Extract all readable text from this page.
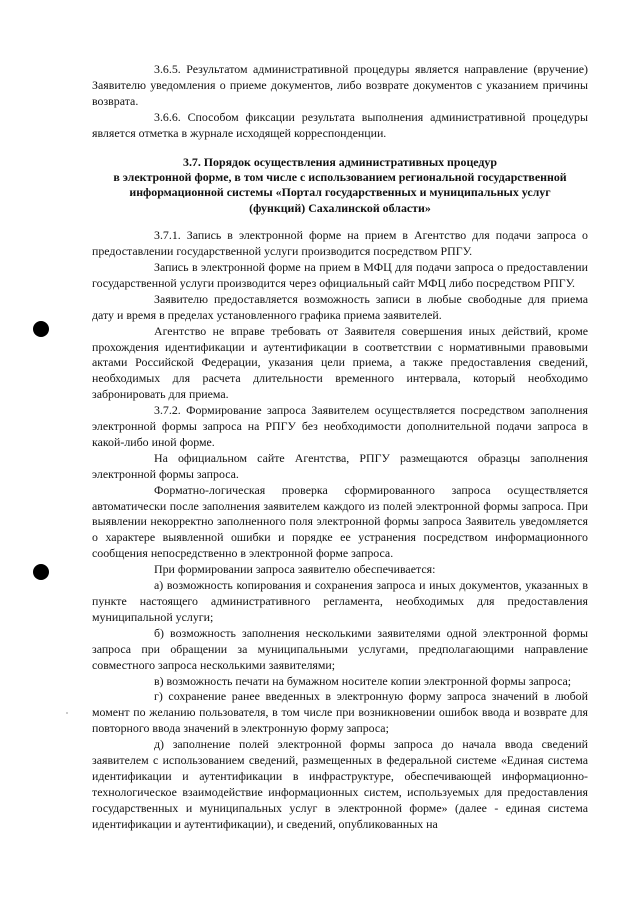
3.6.5. Результатом административной процедуры является направление (вручение) Заявителю уведомления о приеме документов, либо возврате документов с указанием причины возврата.

3.6.6. Способом фиксации результата выполнения административной процедуры является отметка в журнале исходящей корреспонденции.

3.7. Порядок осуществления административных процедур
в электронной форме, в том числе с использованием региональной государственной
информационной системы «Портал государственных и муниципальных услуг
(функций) Сахалинской области»

3.7.1. Запись в электронной форме на прием в Агентство для подачи запроса о предоставлении государственной услуги производится посредством РПГУ.

Запись в электронной форме на прием в МФЦ для подачи запроса о предоставлении государственной услуги производится через официальный сайт МФЦ либо посредством РПГУ.

Заявителю предоставляется возможность записи в любые свободные для приема дату и время в пределах установленного графика приема заявителей.

Агентство не вправе требовать от Заявителя совершения иных действий, кроме прохождения идентификации и аутентификации в соответствии с нормативными правовыми актами Российской Федерации, указания цели приема, а также предоставления сведений, необходимых для расчета длительности временного интервала, который необходимо забронировать для приема.

3.7.2. Формирование запроса Заявителем осуществляется посредством заполнения электронной формы запроса на РПГУ без необходимости дополнительной подачи запроса в какой-либо иной форме.

На официальном сайте Агентства, РПГУ размещаются образцы заполнения электронной формы запроса.

Форматно-логическая проверка сформированного запроса осуществляется автоматически после заполнения заявителем каждого из полей электронной формы запроса. При выявлении некорректно заполненного поля электронной формы запроса Заявитель уведомляется о характере выявленной ошибки и порядке ее устранения посредством информационного сообщения непосредственно в электронной форме запроса.

При формировании запроса заявителю обеспечивается:

а) возможность копирования и сохранения запроса и иных документов, указанных в пункте настоящего административного регламента, необходимых для предоставления муниципальной услуги;

б) возможность заполнения несколькими заявителями одной электронной формы запроса при обращении за муниципальными услугами, предполагающими направление совместного запроса несколькими заявителями;

в) возможность печати на бумажном носителе копии электронной формы запроса;

г) сохранение ранее введенных в электронную форму запроса значений в любой момент по желанию пользователя, в том числе при возникновении ошибок ввода и возврате для повторного ввода значений в электронную форму запроса;

д) заполнение полей электронной формы запроса до начала ввода сведений заявителем с использованием сведений, размещенных в федеральной системе «Единая система идентификации и аутентификации в инфраструктуре, обеспечивающей информационно-технологическое взаимодействие информационных систем, используемых для предоставления государственных и муниципальных услуг в электронной форме» (далее - единая система идентификации и аутентификации), и сведений, опубликованных на
